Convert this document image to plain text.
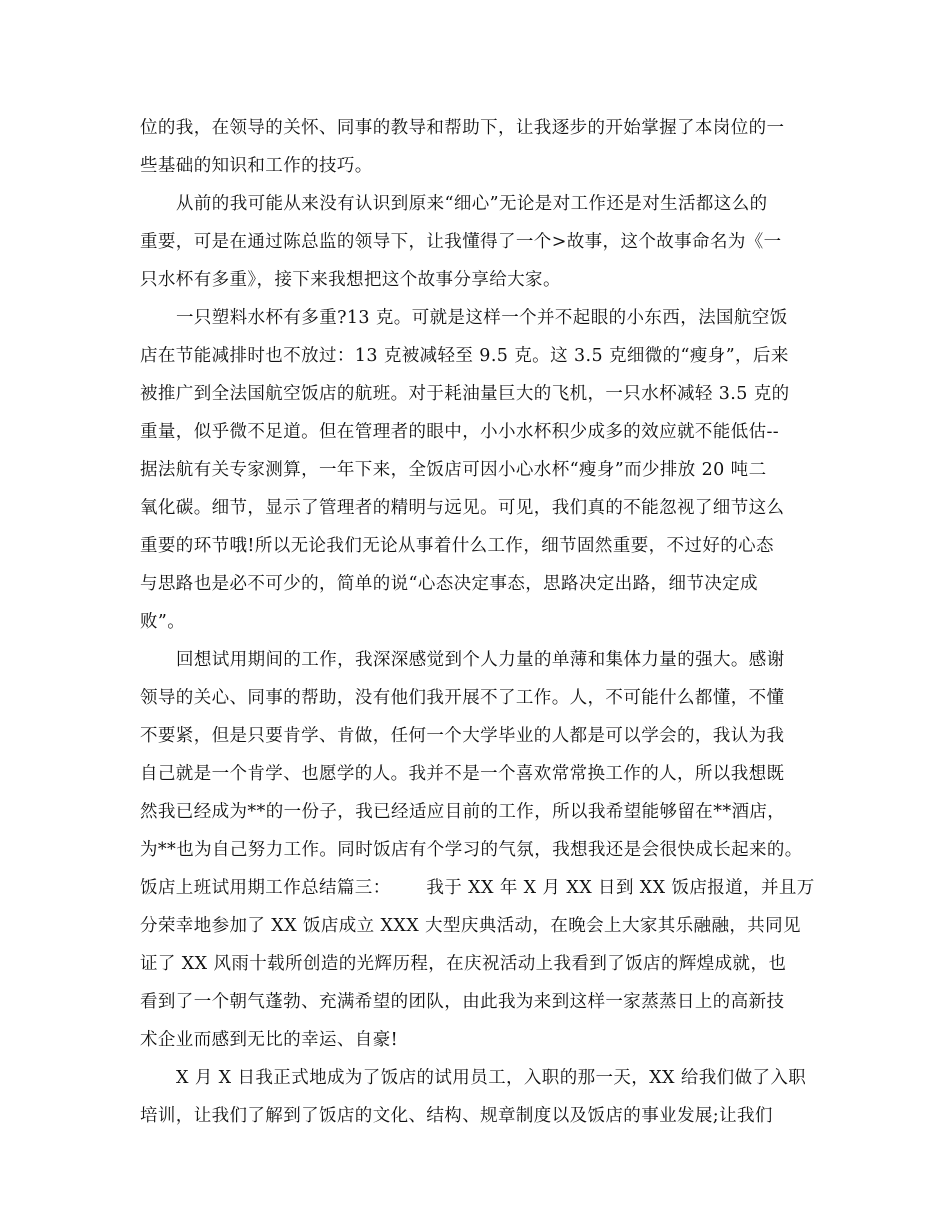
位的我，在领导的关怀、同事的教导和帮助下，让我逐步的开始掌握了本岗位的一
些基础的知识和工作的技巧。
从前的我可能从来没有认识到原来“细心”无论是对工作还是对生活都这么的
重要，可是在通过陈总监的领导下，让我懂得了一个>故事，这个故事命名为《一
只水杯有多重》，接下来我想把这个故事分享给大家。
一只塑料水杯有多重?13 克。可就是这样一个并不起眼的小东西，法国航空饭
店在节能减排时也不放过：13 克被减轻至 9.5 克。这 3.5 克细微的“瘦身”，后来
被推广到全法国航空饭店的航班。对于耗油量巨大的飞机，一只水杯减轻 3.5 克的
重量，似乎微不足道。但在管理者的眼中，小小水杯积少成多的效应就不能低估--
据法航有关专家测算，一年下来，全饭店可因小心水杯“瘦身”而少排放 20 吨二
氧化碳。细节，显示了管理者的精明与远见。可见，我们真的不能忽视了细节这么
重要的环节哦!所以无论我们无论从事着什么工作，细节固然重要，不过好的心态
与思路也是必不可少的，简单的说“心态决定事态，思路决定出路，细节决定成
败”。
回想试用期间的工作，我深深感觉到个人力量的单薄和集体力量的强大。感谢
领导的关心、同事的帮助，没有他们我开展不了工作。人，不可能什么都懂，不懂
不要紧，但是只要肯学、肯做，任何一个大学毕业的人都是可以学会的，我认为我
自己就是一个肯学、也愿学的人。我并不是一个喜欢常常换工作的人，所以我想既
然我已经成为**的一份子，我已经适应目前的工作，所以我希望能够留在**酒店，
为**也为自己努力工作。同时饭店有个学习的气氛，我想我还是会很快成长起来的。
饭店上班试用期工作总结篇三：      我于 XX 年 X 月 XX 日到 XX 饭店报道，并且万
分荣幸地参加了 XX 饭店成立 XXX 大型庆典活动，在晚会上大家其乐融融，共同见
证了 XX 风雨十载所创造的光辉历程，在庆祝活动上我看到了饭店的辉煌成就，也
看到了一个朝气蓬勃、充满希望的团队，由此我为来到这样一家蒸蒸日上的高新技
术企业而感到无比的幸运、自豪!
X 月 X 日我正式地成为了饭店的试用员工，入职的那一天，XX 给我们做了入职
培训，让我们了解到了饭店的文化、结构、规章制度以及饭店的事业发展;让我们
